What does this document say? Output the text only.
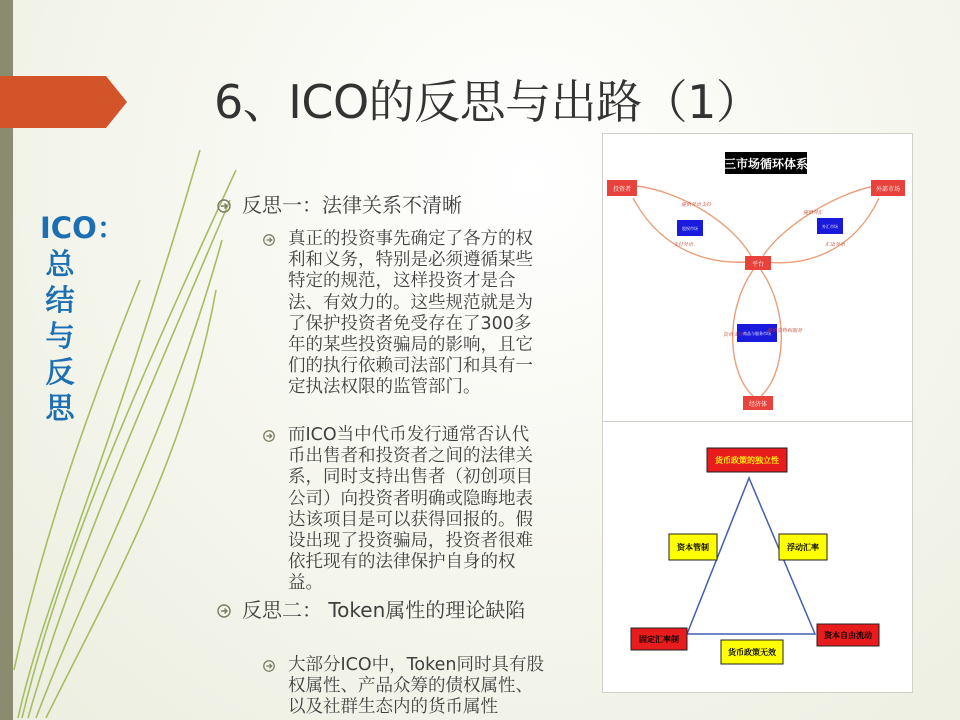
ICO：总结与反思
6、ICO的反思与出路（1）
反思一：法律关系不清晰
真正的投资事先确定了各方的权利和义务，特别是必须遵循某些特定的规范，这样投资才是合法、有效力的。这些规范就是为了保护投资者免受存在了300多年的某些投资骗局的影响，且它们的执行依赖司法部门和具有一定执法权限的监管部门。
而ICO当中代币发行通常否认代币出售者和投资者之间的法律关系，同时支持出售者（初创项目公司）向投资者明确或隐晦地表达该项目是可以获得回报的。假设出现了投资骗局，投资者很难依托现有的法律保护自身的权益。
反思二： Token属性的理论缺陷
大部分ICO中，Token同时具有股权属性、产品众筹的债权属性、以及社群生态内的货币属性
三市场循环体系
投资者	外部市场
平台
经济体
股权市场	外汇市场
商品与服务市场
提供外币支持
支付外币
提供外汇
汇出外币
货币支付
提供货物和服务
货币政策的独立性
资本管制	浮动汇率
固定汇率制
货币政策无效
资本自由流动
